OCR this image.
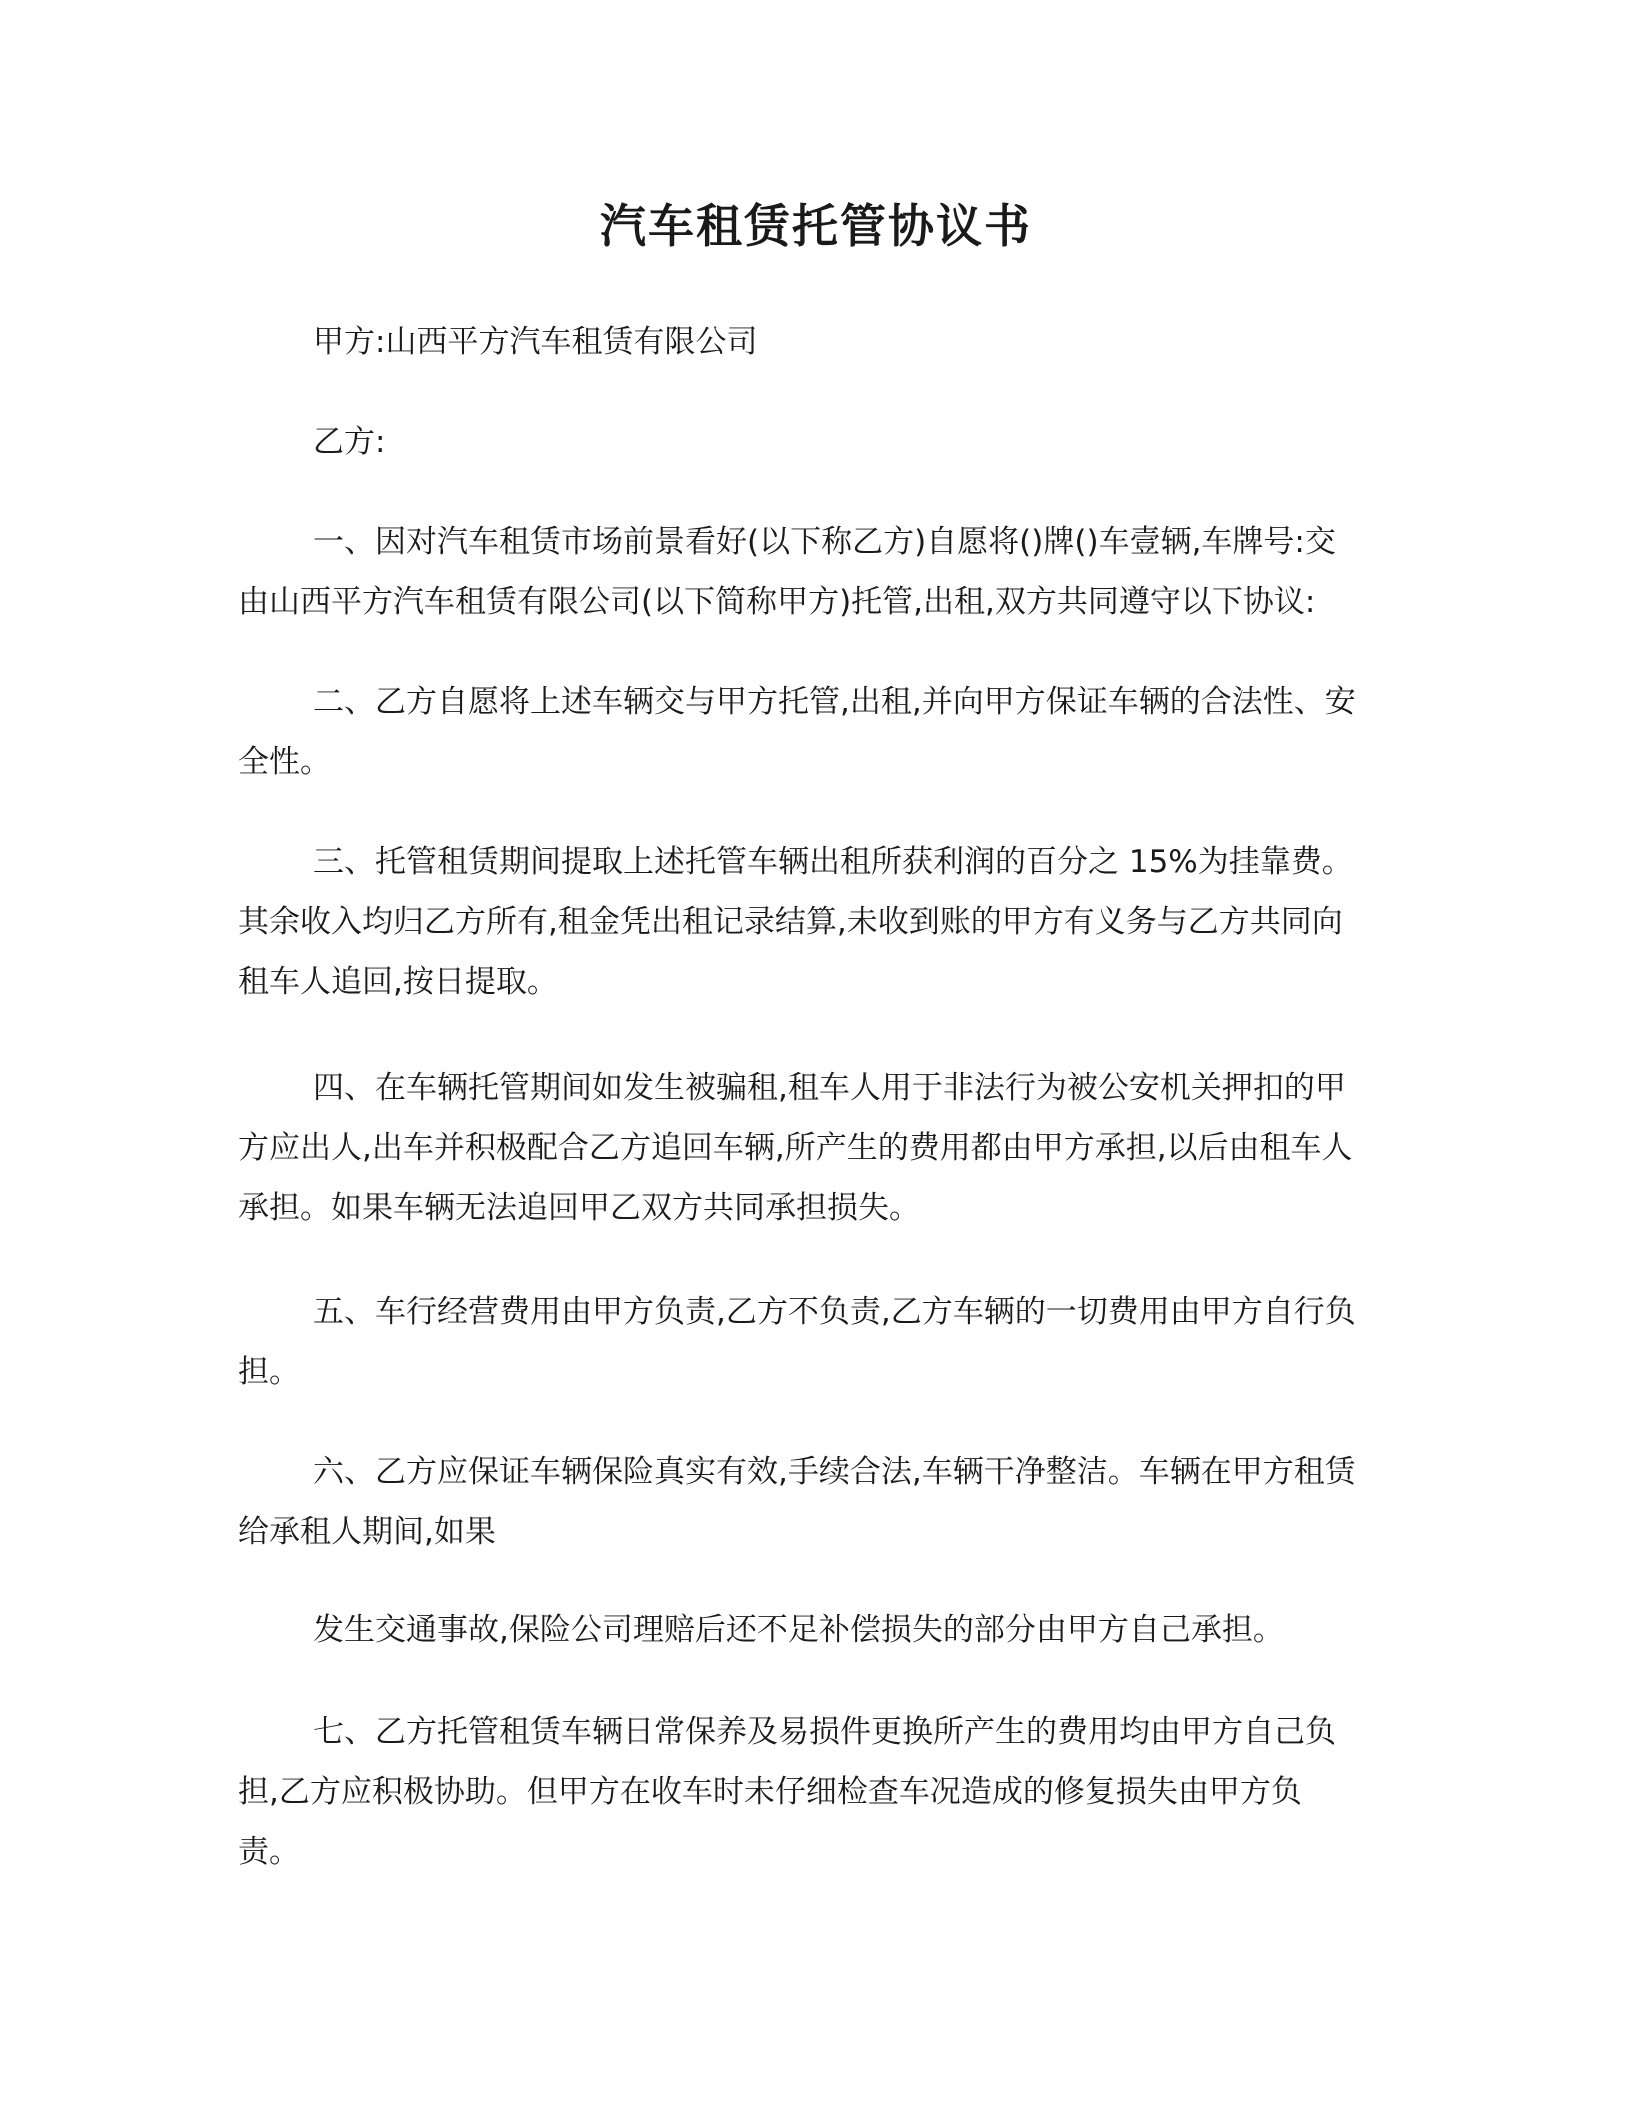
汽车租赁托管协议书

甲方:山西平方汽车租赁有限公司

乙方:

一、因对汽车租赁市场前景看好(以下称乙方)自愿将()牌()车壹辆,车牌号:交

由山西平方汽车租赁有限公司(以下简称甲方)托管,出租,双方共同遵守以下协议:

二、乙方自愿将上述车辆交与甲方托管,出租,并向甲方保证车辆的合法性、安

全性。

三、托管租赁期间提取上述托管车辆出租所获利润的百分之 15%为挂靠费。

其余收入均归乙方所有,租金凭出租记录结算,未收到账的甲方有义务与乙方共同向

租车人追回,按日提取。

四、在车辆托管期间如发生被骗租,租车人用于非法行为被公安机关押扣的甲

方应出人,出车并积极配合乙方追回车辆,所产生的费用都由甲方承担,以后由租车人

承担。如果车辆无法追回甲乙双方共同承担损失。

五、车行经营费用由甲方负责,乙方不负责,乙方车辆的一切费用由甲方自行负

担。

六、乙方应保证车辆保险真实有效,手续合法,车辆干净整洁。车辆在甲方租赁

给承租人期间,如果

发生交通事故,保险公司理赔后还不足补偿损失的部分由甲方自己承担。

七、乙方托管租赁车辆日常保养及易损件更换所产生的费用均由甲方自己负

担,乙方应积极协助。但甲方在收车时未仔细检查车况造成的修复损失由甲方负

责。
